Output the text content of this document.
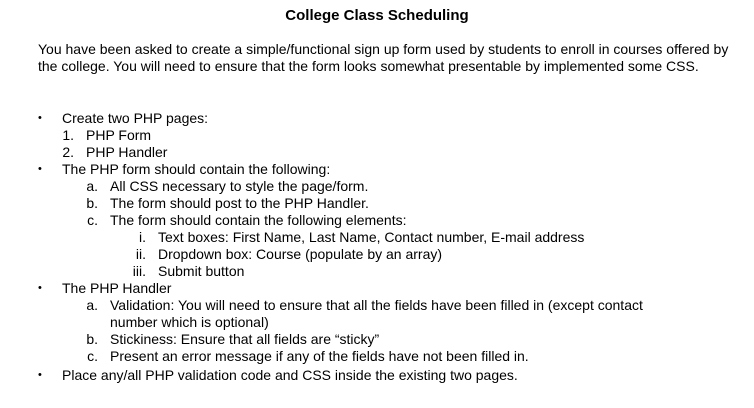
College Class Scheduling
You have been asked to create a simple/functional sign up form used by students to enroll in courses offered by the college. You will need to ensure that the form looks somewhat presentable by implemented some CSS.
• Create two PHP pages:
1. PHP Form
2. PHP Handler
• The PHP form should contain the following:
a. All CSS necessary to style the page/form.
b. The form should post to the PHP Handler.
c. The form should contain the following elements:
i. Text boxes: First Name, Last Name, Contact number, E-mail address
ii. Dropdown box: Course (populate by an array)
iii. Submit button
• The PHP Handler
a. Validation: You will need to ensure that all the fields have been filled in (except contact
number which is optional)
b. Stickiness: Ensure that all fields are “sticky”
c. Present an error message if any of the fields have not been filled in.
• Place any/all PHP validation code and CSS inside the existing two pages.
